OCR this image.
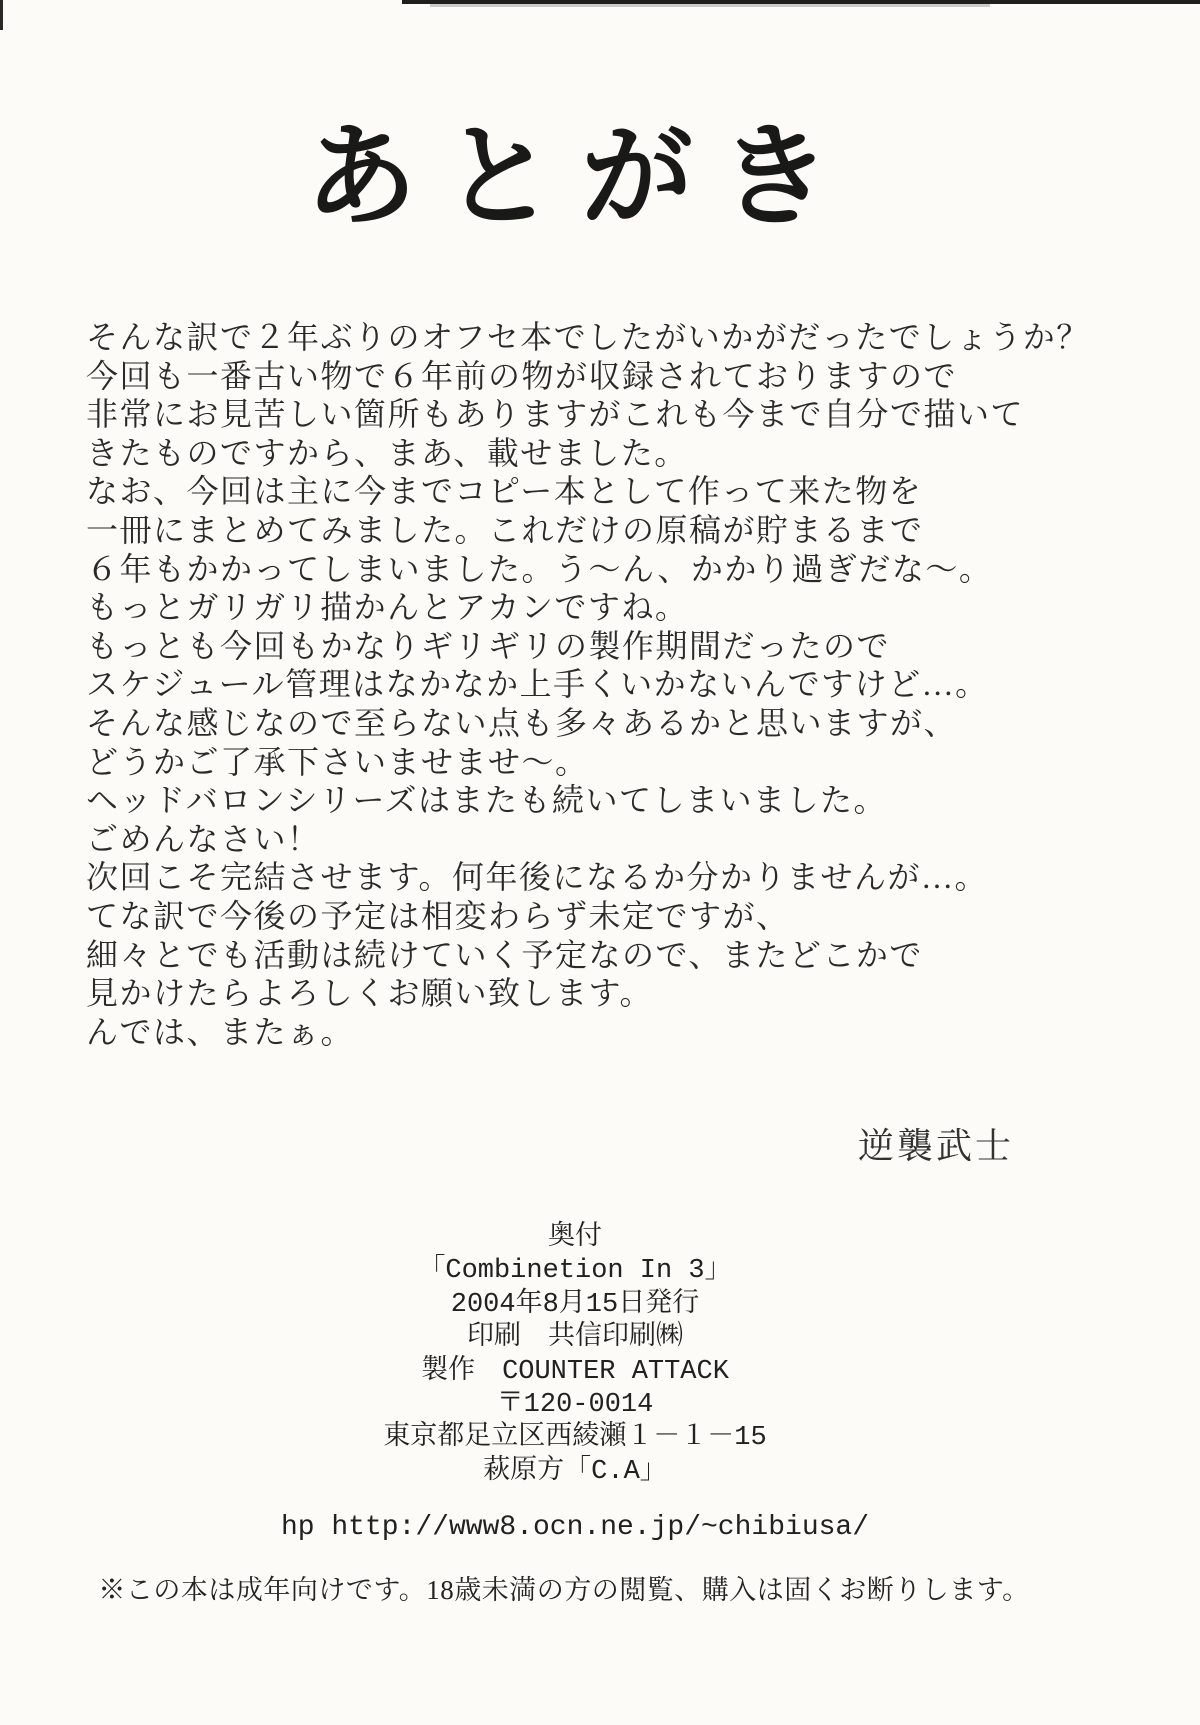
あとがき
そんな訳で２年ぶりのオフセ本でしたがいかがだったでしょうか？
今回も一番古い物で６年前の物が収録されておりますので
非常にお見苦しい箇所もありますがこれも今まで自分で描いて
きたものですから、まあ、載せました。
なお、今回は主に今までコピー本として作って来た物を
一冊にまとめてみました。これだけの原稿が貯まるまで
６年もかかってしまいました。う～ん、かかり過ぎだな～。
もっとガリガリ描かんとアカンですね。
もっとも今回もかなりギリギリの製作期間だったので
スケジュール管理はなかなか上手くいかないんですけど…。
そんな感じなので至らない点も多々あるかと思いますが、
どうかご了承下さいませませ～。
ヘッドバロンシリーズはまたも続いてしまいました。
ごめんなさい！
次回こそ完結させます。何年後になるか分かりませんが…。
てな訳で今後の予定は相変わらず未定ですが、
細々とでも活動は続けていく予定なので、またどこかで
見かけたらよろしくお願い致します。
んでは、またぁ。
逆襲武士
奥付
「Combinetion In 3」
2004年8月15日発行
印刷　共信印刷㈱
製作　COUNTER ATTACK
〒120-0014
東京都足立区西綾瀬１－１－15
萩原方「C.A」
hp http://www8.ocn.ne.jp/~chibiusa/
※この本は成年向けです。18歳未満の方の閲覧、購入は固くお断りします。
